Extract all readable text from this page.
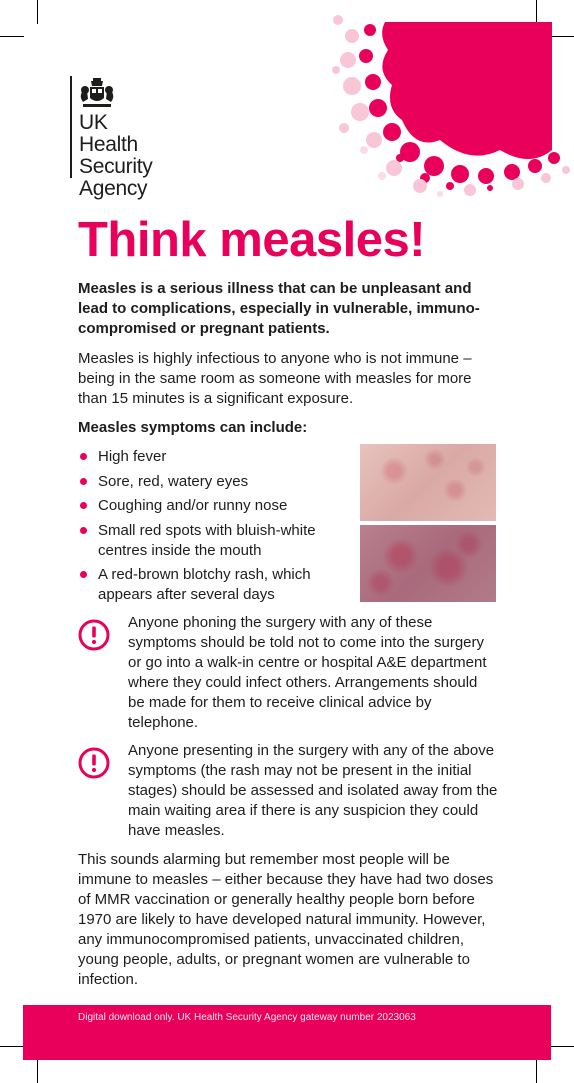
UK Health
Security
Agency
Think measles!

Measles is a serious illness that can be unpleasant and lead to complications, especially in vulnerable, immuno-compromised or pregnant patients.

Measles is highly infectious to anyone who is not immune – being in the same room as someone with measles for more than 15 minutes is a significant exposure.

Measles symptoms can include:

High fever
Sore, red, watery eyes
Coughing and/or runny nose
Small red spots with bluish-white centres inside the mouth
A red-brown blotchy rash, which appears after several days

Anyone phoning the surgery with any of these symptoms should be told not to come into the surgery or go into a walk-in centre or hospital A&E department where they could infect others. Arrangements should be made for them to receive clinical advice by telephone.

Anyone presenting in the surgery with any of the above symptoms (the rash may not be present in the initial stages) should be assessed and isolated away from the main waiting area if there is any suspicion they could have measles.

This sounds alarming but remember most people will be immune to measles – either because they have had two doses of MMR vaccination or generally healthy people born before 1970 are likely to have developed natural immunity. However, any immunocompromised patients, unvaccinated children, young people, adults, or pregnant women are vulnerable to infection.

Digital download only. UK Health Security Agency gateway number 2023063
